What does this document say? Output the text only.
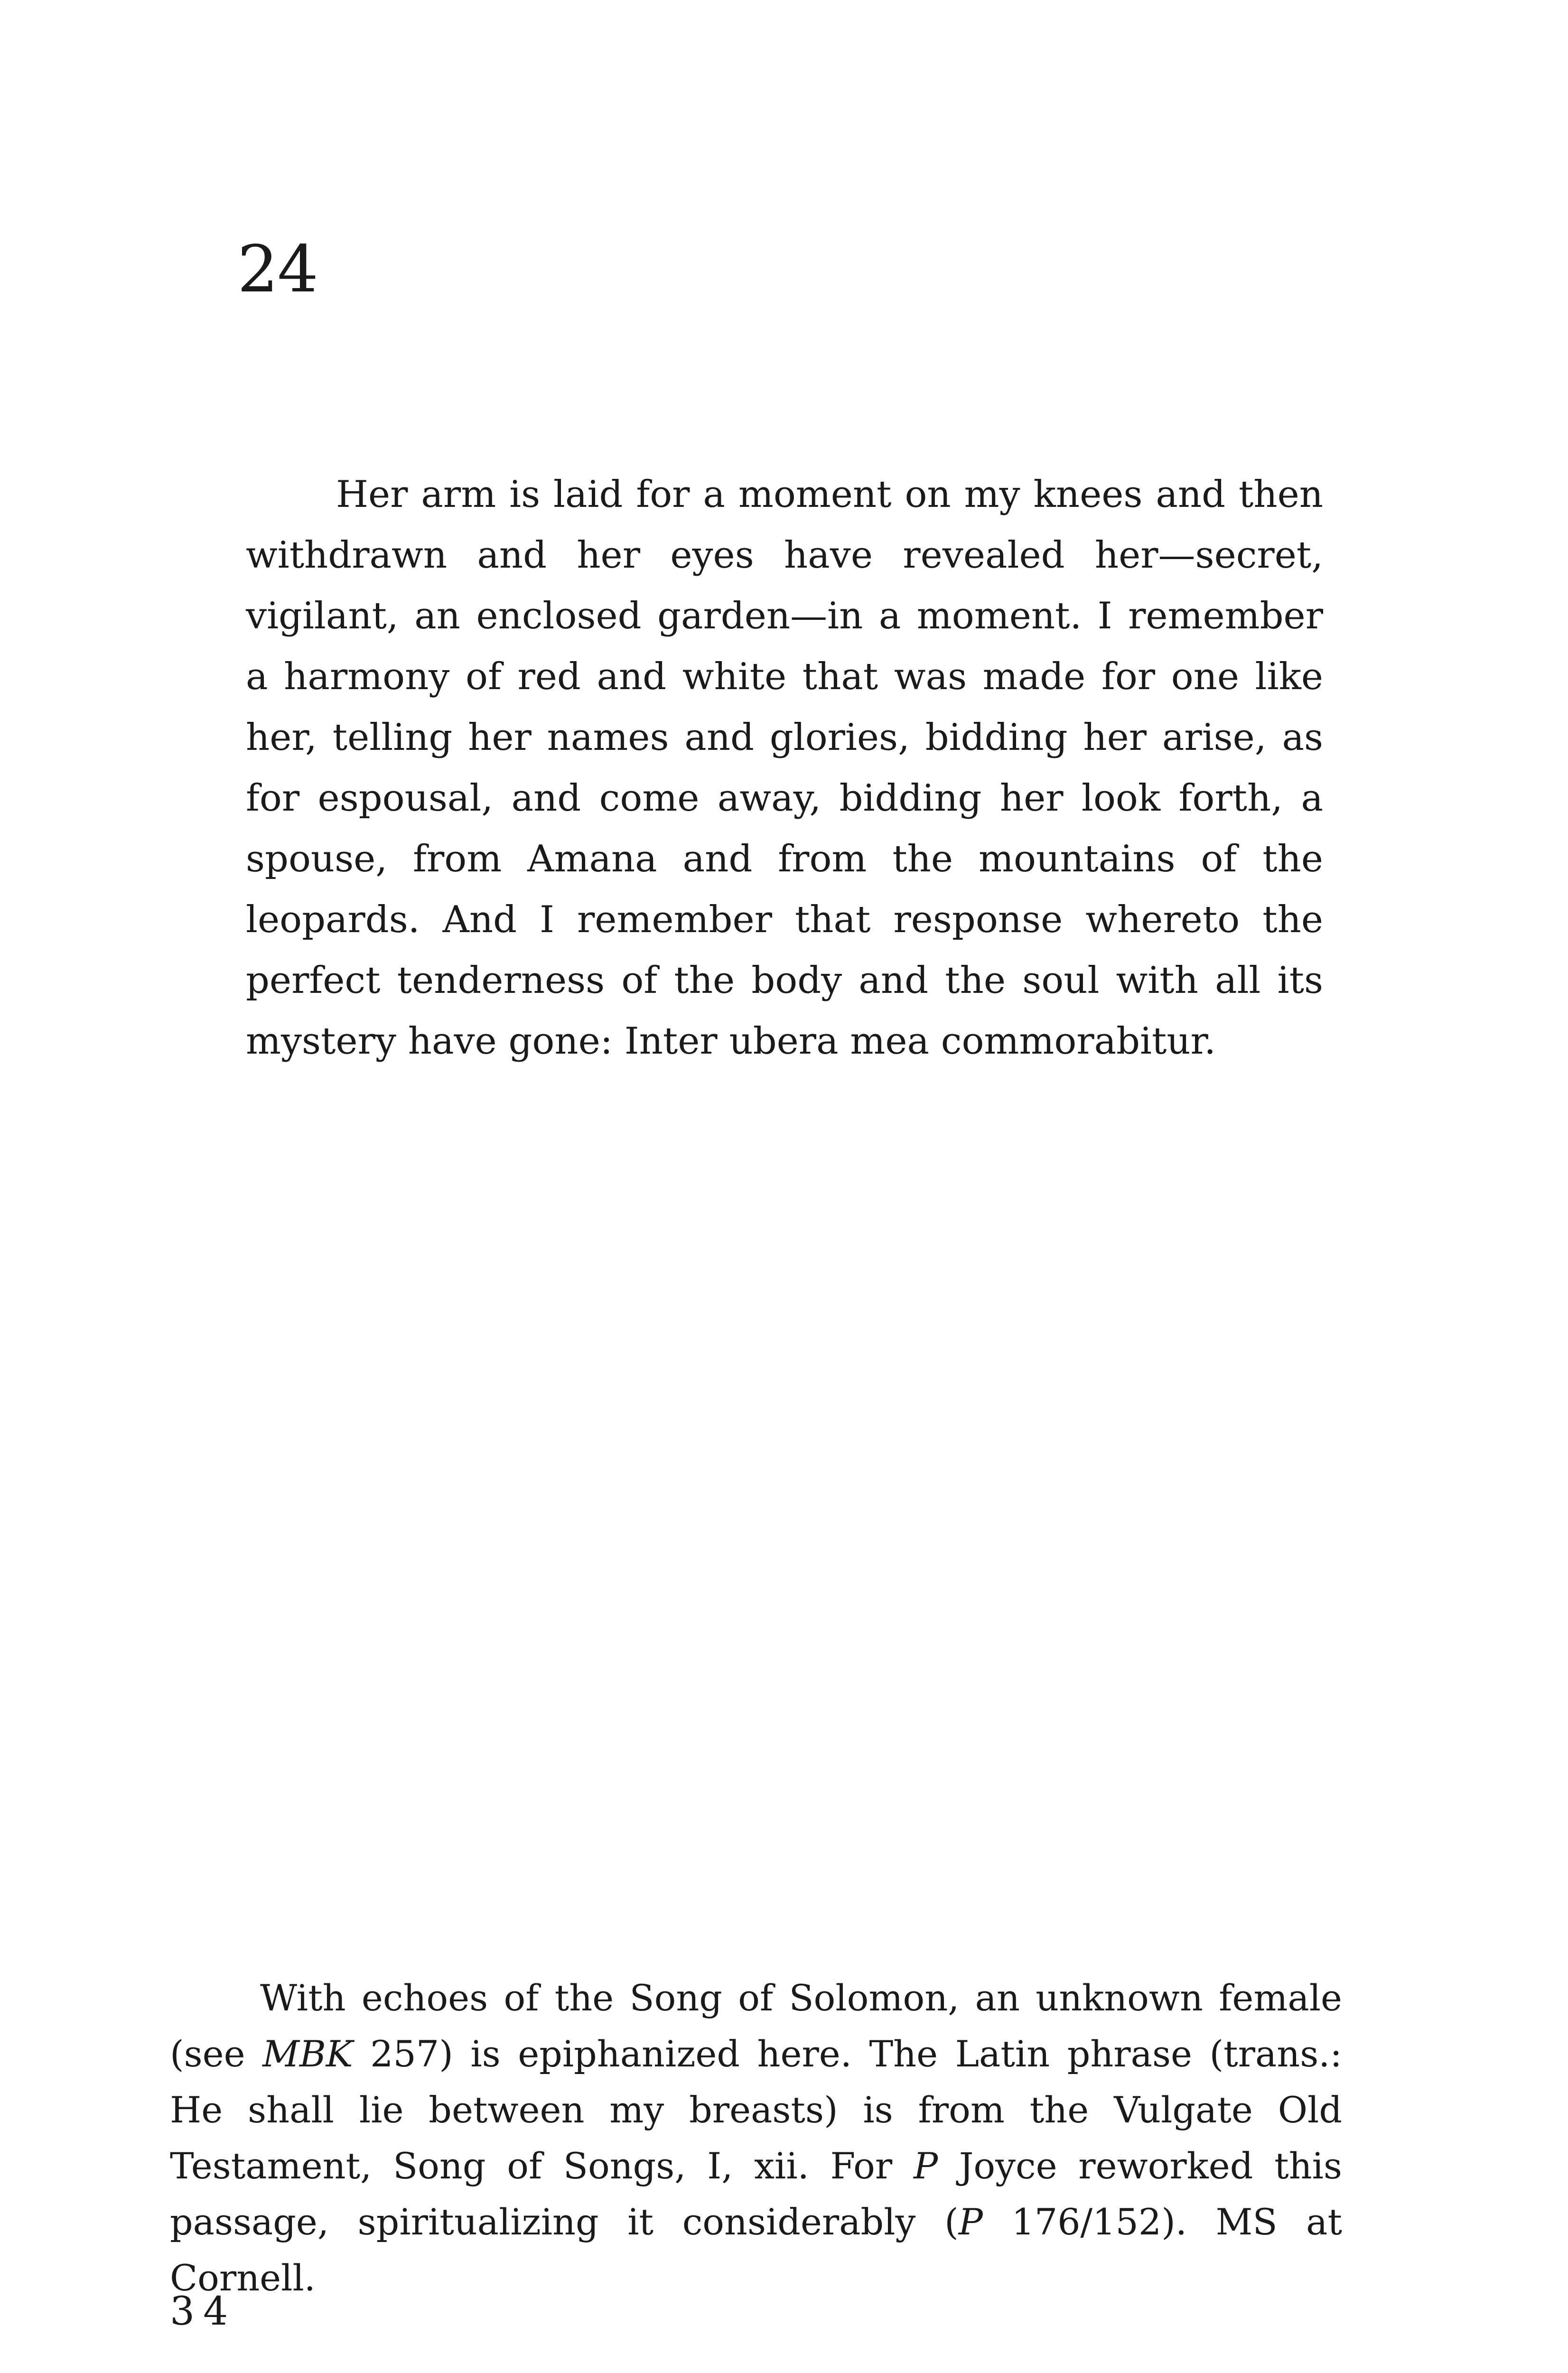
24

Her arm is laid for a moment on my knees and then withdrawn and her eyes have revealed her—secret, vigilant, an enclosed garden—in a moment. I remember a harmony of red and white that was made for one like her, telling her names and glories, bidding her arise, as for espousal, and come away, bidding her look forth, a spouse, from Amana and from the mountains of the leopards. And I remember that response whereto the perfect tenderness of the body and the soul with all its mystery have gone: Inter ubera mea commorabitur.

With echoes of the Song of Solomon, an unknown female (see MBK 257) is epiphanized here. The Latin phrase (trans.: He shall lie between my breasts) is from the Vulgate Old Testament, Song of Songs, I, xii. For P Joyce reworked this passage, spiritualizing it considerably (P 176/152). MS at Cornell.

34
